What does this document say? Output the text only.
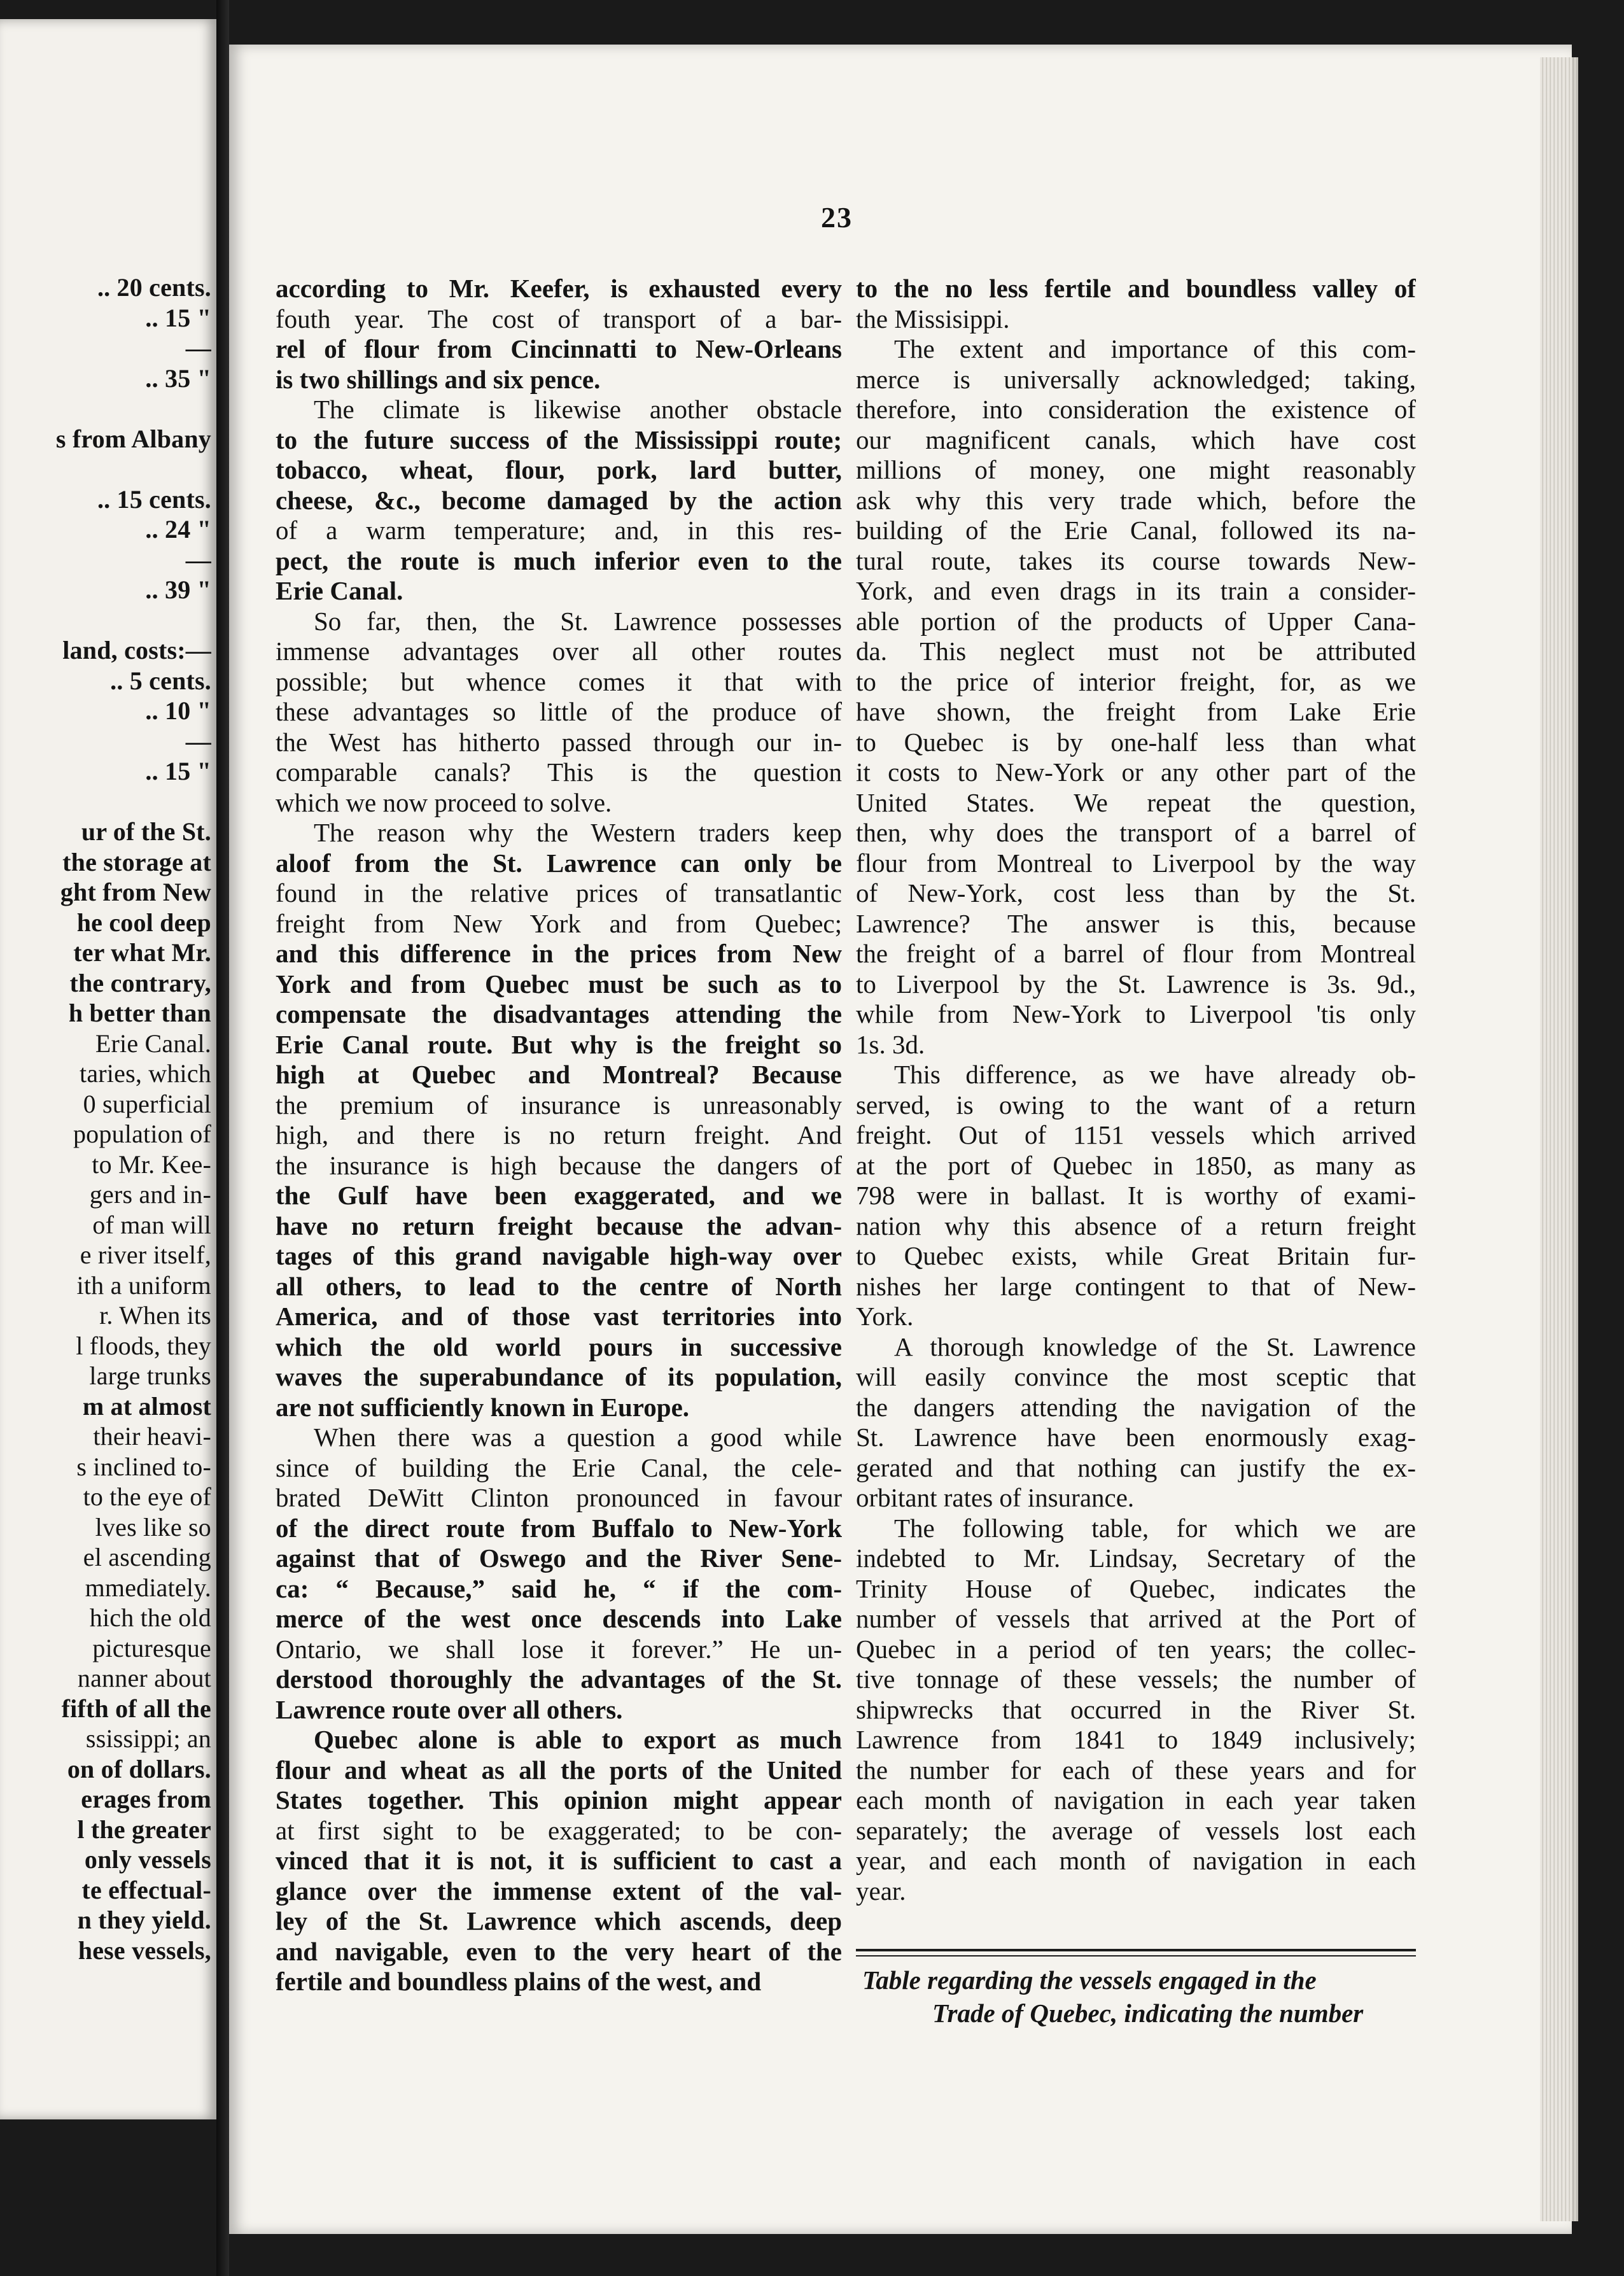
.. 20 cents.
.. 15 "
—
.. 35 "
s from Albany
.. 15 cents.
.. 24 "
—
.. 39 "
land, costs:—
.. 5 cents.
.. 10 "
—
.. 15 "
ur of the St.
the storage at
ght from New
he cool deep
ter what Mr.
the contrary,
h better than
Erie Canal.
taries, which
0 superficial
population of
to Mr. Kee-
gers and in-
of man will
e river itself,
ith a uniform
r. When its
l floods, they
large trunks
m at almost
their heavi-
s inclined to-
to the eye of
lves like so
el ascending
mmediately.
hich the old
picturesque
nanner about
fifth of all the
ssissippi; an
on of dollars.
erages from
l the greater
only vessels
te effectual-
n they yield.
hese vessels,
23
according to Mr. Keefer, is exhausted every
fouth year. The cost of transport of a bar-
rel of flour from Cincinnatti to New-Orleans
is two shillings and six pence.
The climate is likewise another obstacle
to the future success of the Mississippi route;
tobacco, wheat, flour, pork, lard butter,
cheese, &c., become damaged by the action
of a warm temperature; and, in this res-
pect, the route is much inferior even to the
Erie Canal.
So far, then, the St. Lawrence possesses
immense advantages over all other routes
possible; but whence comes it that with
these advantages so little of the produce of
the West has hitherto passed through our in-
comparable canals? This is the question
which we now proceed to solve.
The reason why the Western traders keep
aloof from the St. Lawrence can only be
found in the relative prices of transatlantic
freight from New York and from Quebec;
and this difference in the prices from New
York and from Quebec must be such as to
compensate the disadvantages attending the
Erie Canal route. But why is the freight so
high at Quebec and Montreal? Because
the premium of insurance is unreasonably
high, and there is no return freight. And
the insurance is high because the dangers of
the Gulf have been exaggerated, and we
have no return freight because the advan-
tages of this grand navigable high-way over
all others, to lead to the centre of North
America, and of those vast territories into
which the old world pours in successive
waves the superabundance of its population,
are not sufficiently known in Europe.
When there was a question a good while
since of building the Erie Canal, the cele-
brated DeWitt Clinton pronounced in favour
of the direct route from Buffalo to New-York
against that of Oswego and the River Sene-
ca: “ Because,” said he, “ if the com-
merce of the west once descends into Lake
Ontario, we shall lose it forever.” He un-
derstood thoroughly the advantages of the St.
Lawrence route over all others.
Quebec alone is able to export as much
flour and wheat as all the ports of the United
States together. This opinion might appear
at first sight to be exaggerated; to be con-
vinced that it is not, it is sufficient to cast a
glance over the immense extent of the val-
ley of the St. Lawrence which ascends, deep
and navigable, even to the very heart of the
fertile and boundless plains of the west, and
to the no less fertile and boundless valley of
the Missisippi.
The extent and importance of this com-
merce is universally acknowledged; taking,
therefore, into consideration the existence of
our magnificent canals, which have cost
millions of money, one might reasonably
ask why this very trade which, before the
building of the Erie Canal, followed its na-
tural route, takes its course towards New-
York, and even drags in its train a consider-
able portion of the products of Upper Cana-
da. This neglect must not be attributed
to the price of interior freight, for, as we
have shown, the freight from Lake Erie
to Quebec is by one-half less than what
it costs to New-York or any other part of the
United States. We repeat the question,
then, why does the transport of a barrel of
flour from Montreal to Liverpool by the way
of New-York, cost less than by the St.
Lawrence? The answer is this, because
the freight of a barrel of flour from Montreal
to Liverpool by the St. Lawrence is 3s. 9d.,
while from New-York to Liverpool 'tis only
1s. 3d.
This difference, as we have already ob-
served, is owing to the want of a return
freight. Out of 1151 vessels which arrived
at the port of Quebec in 1850, as many as
798 were in ballast. It is worthy of exami-
nation why this absence of a return freight
to Quebec exists, while Great Britain fur-
nishes her large contingent to that of New-
York.
A thorough knowledge of the St. Lawrence
will easily convince the most sceptic that
the dangers attending the navigation of the
St. Lawrence have been enormously exag-
gerated and that nothing can justify the ex-
orbitant rates of insurance.
The following table, for which we are
indebted to Mr. Lindsay, Secretary of the
Trinity House of Quebec, indicates the
number of vessels that arrived at the Port of
Quebec in a period of ten years; the collec-
tive tonnage of these vessels; the number of
shipwrecks that occurred in the River St.
Lawrence from 1841 to 1849 inclusively;
the number for each of these years and for
each month of navigation in each year taken
separately; the average of vessels lost each
year, and each month of navigation in each
year.
Table regarding the vessels engaged in the
Trade of Quebec, indicating the number
